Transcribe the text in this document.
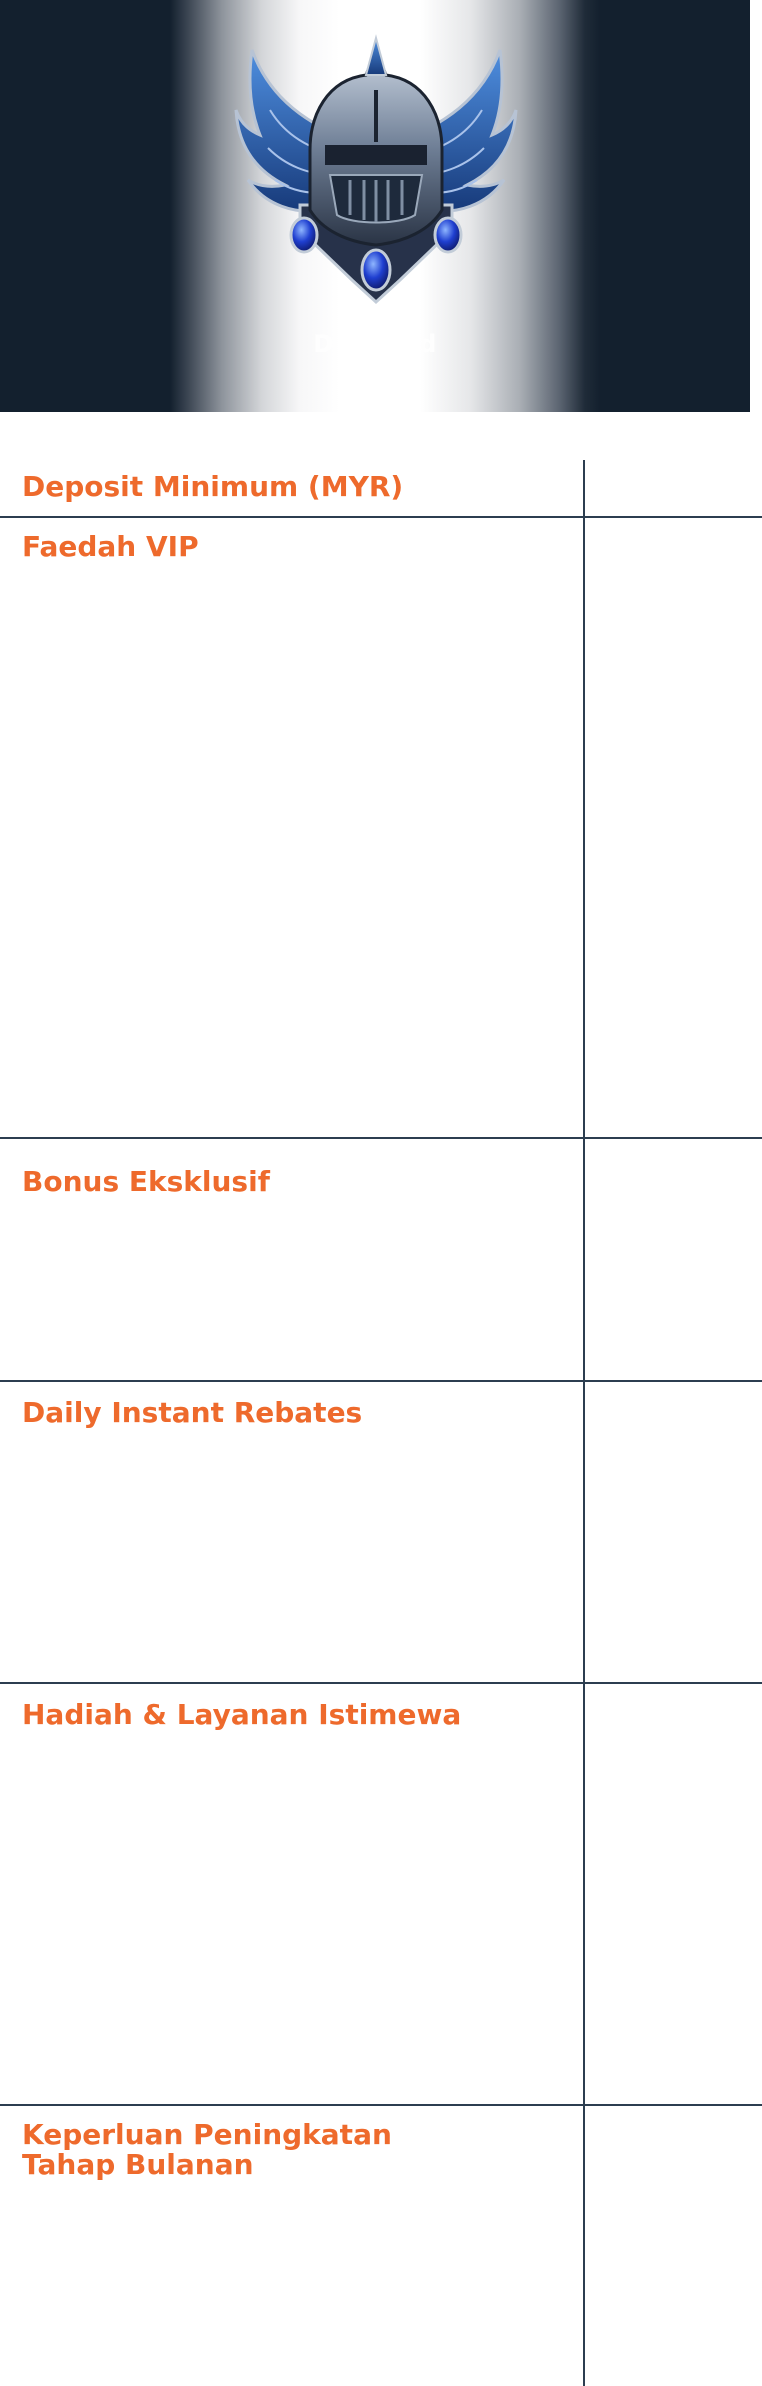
Diamond
Deposit Minimum (MYR)
Faedah VIP
Bonus Eksklusif
Daily Instant Rebates
Hadiah & Layanan Istimewa
Keperluan Peningkatan
Tahap Bulanan
